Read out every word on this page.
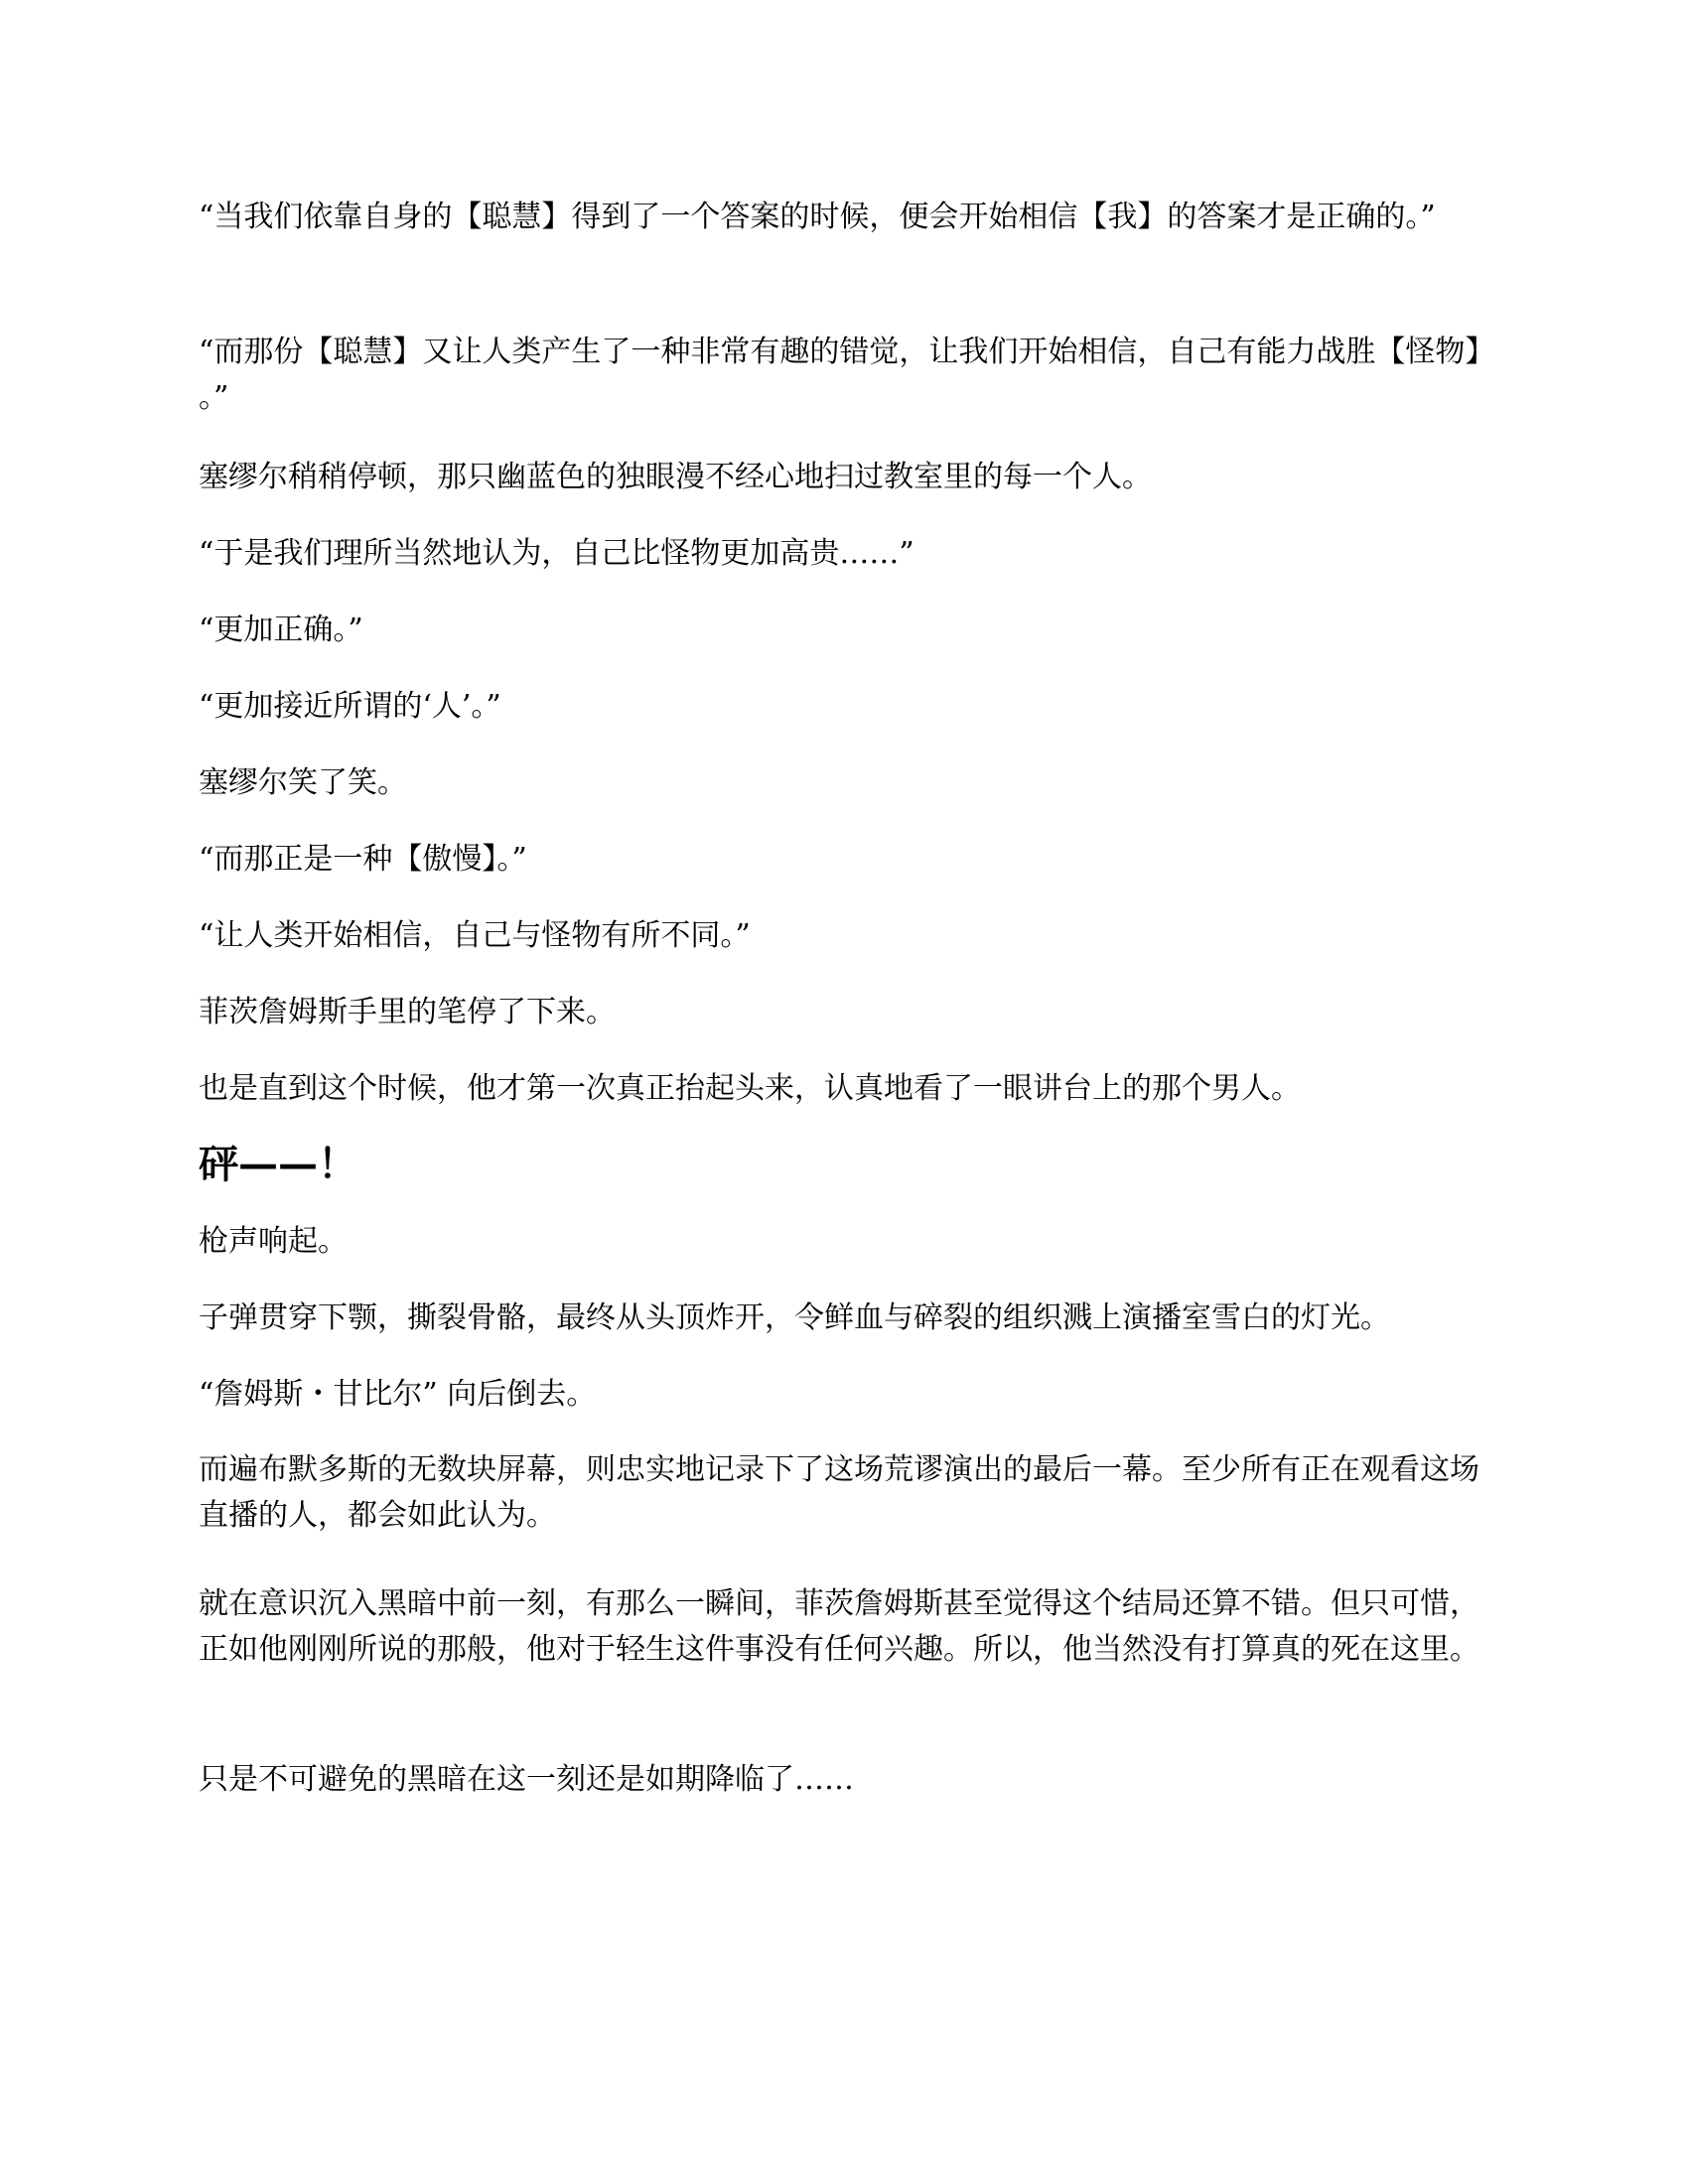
“当我们依靠自身的【聪慧】得到了一个答案的时候，便会开始相信【我】的答案才是正确的。”

“而那份【聪慧】又让人类产生了一种非常有趣的错觉，让我们开始相信，自己有能力战胜【怪物】。”

塞缪尔稍稍停顿，那只幽蓝色的独眼漫不经心地扫过教室里的每一个人。

“于是我们理所当然地认为，自己比怪物更加高贵……”

“更加正确。”

“更加接近所谓的‘人’。”

塞缪尔笑了笑。

“而那正是一种【傲慢】。”

“让人类开始相信，自己与怪物有所不同。”

菲茨詹姆斯手里的笔停了下来。

也是直到这个时候，他才第一次真正抬起头来，认真地看了一眼讲台上的那个男人。

砰——！

枪声响起。

子弹贯穿下颚，撕裂骨骼，最终从头顶炸开，令鲜血与碎裂的组织溅上演播室雪白的灯光。

“詹姆斯・甘比尔” 向后倒去。

而遍布默多斯的无数块屏幕，则忠实地记录下了这场荒谬演出的最后一幕。至少所有正在观看这场直播的人，都会如此认为。

就在意识沉入黑暗中前一刻，有那么一瞬间，菲茨詹姆斯甚至觉得这个结局还算不错。但只可惜，正如他刚刚所说的那般，他对于轻生这件事没有任何兴趣。所以，他当然没有打算真的死在这里。

只是不可避免的黑暗在这一刻还是如期降临了……
